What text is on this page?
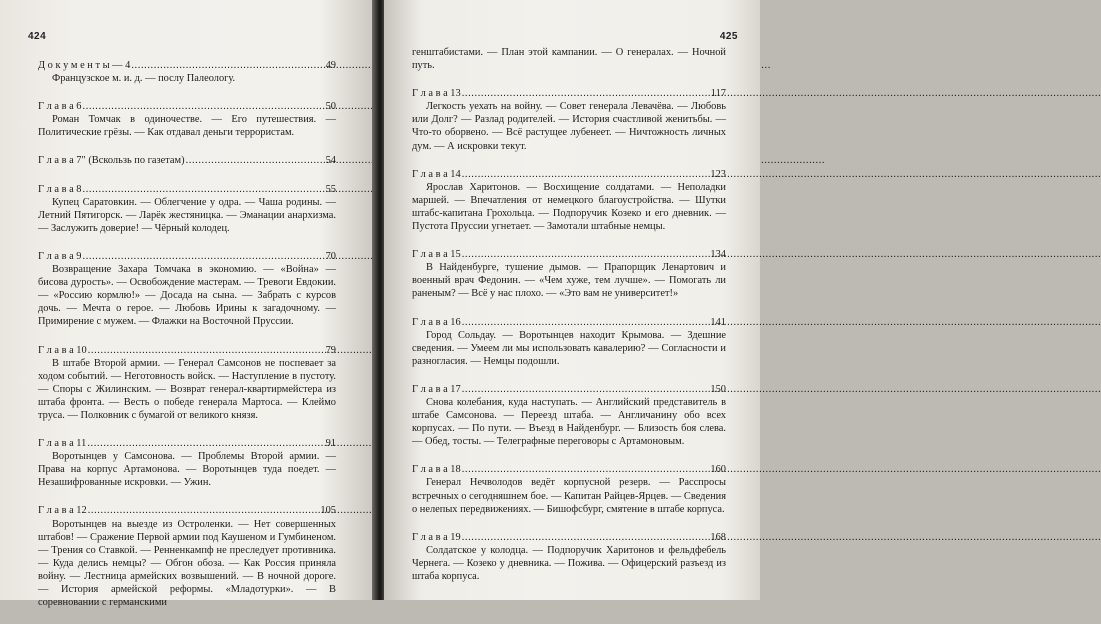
424
Д о к у м е н т ы — 4 .....	49
Французское м. и. д. — послу Палеологу.
Г л а в а 6 .....	50
Роман Томчак в одиночестве. — Его путешествия. — Политические грёзы. — Как отдавал деньги террористам.
Г л а в а 7" (Вскользь по газетам) .....	54
Г л а в а 8 .....	55
Купец Саратовкин. — Облегчение у одра. — Чаша родины. — Летний Пятигорск. — Ларёк жестяницка. — Эманации анархизма. — Заслужить доверие! — Чёрный колодец.
Г л а в а 9 .....	70
Возвращение Захара Томчака в экономию. — «Война» — бисова дурость». — Освобождение мастерам. — Тревоги Евдокии. — «Россию кормлю!» — Досада на сына. — Забрать с курсов дочь. — Мечта о герое. — Любовь Ирины к загадочному. — Примирение с мужем. — Флажки на Восточной Пруссии.
Г л а в а 10 .....	79
В штабе Второй армии. — Генерал Самсонов не поспевает за ходом событий. — Неготовность войск. — Наступление в пустоту. — Споры с Жилинским. — Возврат генерал-квартирмейстера из штаба фронта. — Весть о победе генерала Мартоса. — Клеймо труса. — Полковник с бумагой от великого князя.
Г л а в а 11 .....	91
Воротынцев у Самсонова. — Проблемы Второй армии. — Права на корпус Артамонова. — Воротынцев туда поедет. — Незашифрованные искровки. — Ужин.
Г л а в а 12 .....	105
Воротынцев на выезде из Остроленки. — Нет совершенных штабов! — Сражение Первой армии под Каушеном и Гумбиненом. — Трения со Ставкой. — Ренненкампф не преследует противника. — Куда делись немцы? — Обгон обоза. — Как Россия приняла войну. — Лестница армейских возвышений. — В ночной дороге. — История армейской реформы. «Младотурки». — В соревновании с германскими
425
генштабистами. — План этой кампании. — О генералах. — Ночной путь.
Г л а в а 13 .....	117
Легкость уехать на войну. — Совет генерала Левачёва. — Любовь или Долг? — Разлад родителей. — История счастливой женитьбы. — Что-то оборвено. — Всё растущее лубенеет. — Ничтожность личных дум. — А искровки текут.
Г л а в а 14 .....	123
Ярослав Харитонов. — Восхищение солдатами. — Неполадки маршей. — Впечатления от немецкого благоустройства. — Шутки штабс-капитана Грохольца. — Подпоручик Козеко и его дневник. — Пустота Пруссии угнетает. — Замотали штабные немцы.
Г л а в а 15 .....	134
В Найденбурге, тушение дымов. — Прапорщик Ленартович и военный врач Федонин. — «Чем хуже, тем лучше». — Помогать ли раненым? — Всё у нас плохо. — «Это вам не университет!»
Г л а в а 16 .....	141
Город Сольдау. — Воротынцев находит Крымова. — Здешние сведения. — Умеем ли мы использовать кавалерию? — Согласности и разногласия. — Немцы подошли.
Г л а в а 17 .....	150
Снова колебания, куда наступать. — Английский представитель в штабе Самсонова. — Переезд штаба. — Англичанину обо всех корпусах. — По пути. — Въезд в Найденбург. — Близость боя слева. — Обед, тосты. — Телеграфные переговоры с Артамоновым.
Г л а в а 18 .....	160
Генерал Нечволодов ведёт корпусной резерв. — Расспросы встречных о сегодняшнем бое. — Капитан Райцев-Ярцев. — Сведения о нелепых передвижениях. — Бишофсбург, смятение в штабе корпуса.
Г л а в а 19 .....	168
Солдатское у колодца. — Подпоручик Харитонов и фельдфебель Чернега. — Козеко у дневника. — Пожива. — Офицерский разъезд из штаба корпуса.
